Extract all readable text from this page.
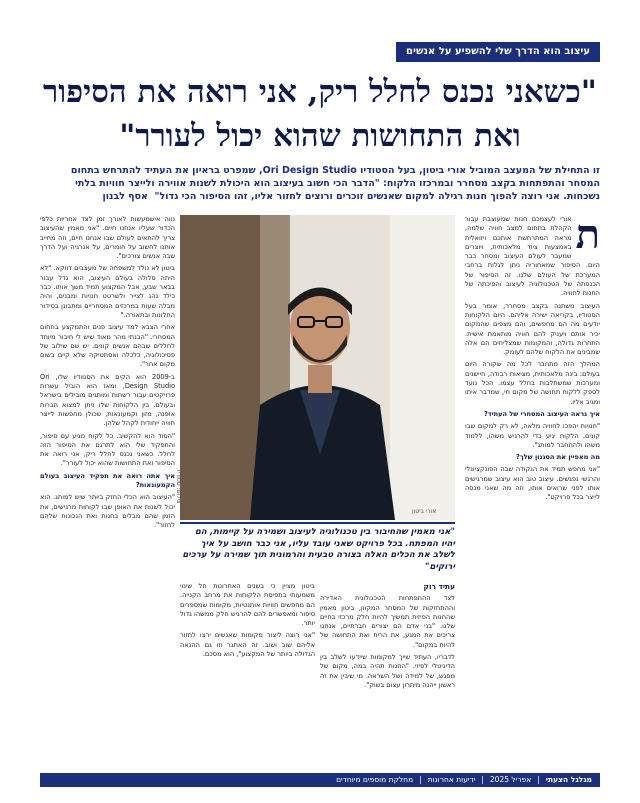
עיצוב הוא הדרך שלי להשפיע על אנשים
"כשאני נכנס לחלל ריק, אני רואה את הסיפור ואת התחושות שהוא יכול לעורר"
זו התחילת של המעצב המוביל אורי ביטון, בעל הסטודיו Ori Design Studio, שמפרט בראיון את העתיד להתרחש בתחום המסחר והתפתחות בקצב מסחרר ובמרכזו הלקוח: "הדבר הכי חשוב בעיצוב הוא היכולת לשנות אווירה ולייצר חוויות בלתי נשכחות. אני רוצה להפוך חנות רגילה למקום שאנשים זוכרים ורוצים לחזור אליו, זהו הסיפור הכי גדול"  אסף לבנון
ת

אורי לעצמכם חנות שמעוצבת עבור הקהלת בתחום למצב חוויה שלמה, מראה המתרחשת אותכם ויזואלית באמצעות ציוד מלאכותית, ויוצרים שמעבר לעולם העיצוב ומסחר כבר היום. הסיפור שמאחוריה ניתן לגלות ברחבי המערכת של העולם שלנו. זה הסיפור של הכנסתה של הטכנולוגיה לעיצוב והפיכתה של החנות לחוויה.

העיצוב משתנה בקצב מסחרר, אומר בעל הסטודיו, בקריאה ישירה אליהם. היום הלקוחות יודעים מה הם מחפשים, והם מצפים שהמקום יכיר אותם ויעניק להם חוויה מותאמת אישית. התחרות גדולה, והמקומות שמצליחים הם אלה שמבינים את הלקוח שלהם לעומק.

המהלך הזה מתחבר לכל מה שקורה היום בעולם: בינה מלאכותית, מציאות רבודה, חיישנים ומערכות שמשתלבות בחלל עצמו. הכל נועד לספק ללקוח תחושה של מקום חי, שמדבר איתו ומגיב אליו.

איך נראה העיצוב המסחרי של העתיד?

"חנויות יהפכו לחוויה מלאה, לא רק למקום שבו קונים. הלקוח יגיע כדי להרגיש משהו, ללמוד משהו ולהתחבר למותג".

מה מאפיין את הסגנון שלך?

"אני מחפש תמיד את הנקודה שבה הפונקציונלי והרגשי נפגשים. עיצוב טוב הוא עיצוב שמרגישים אותו לפני שרואים אותו, וזה מה שאני מנסה לייצר בכל פרויקט".

צילום: סטודיו
אורי ביטון
"אני מאמין שהחיבור בין טכנולוגיה לעיצוב ושמירה על קיימות, הם יהיו המפתח. בכל פרויקט שאני עובד עליו, אני כבר חושב על איך לשלב את הכלים האלה בצורה טבעית והרמונית תוך שמירה על ערכים ירוקים"

עתיד רוק

לצד ההתפתחות הטכנולוגית האדירה וההתחזקות של המסחר המקוון, ביטון מאמין שהחנות הפיזית תמשיך להיות חלק מרכזי בחיים שלנו. "בני אדם הם יצורים חברתיים, אנחנו צריכים את המגע, את הריח ואת התחושה של להיות במקום".

לדבריו, העתיד שייך למקומות שיידעו לשלב בין הדיגיטלי לפיזי. "החנות תהיה במה, מקום של מפגש, של למידה ושל השראה. מי שיבין את זה ראשון ייהנה מיתרון עצום בשוק".

ביטון מציין כי בשנים האחרונות חל שינוי משמעותי בתפיסת הלקוחות את מרחב הקנייה. הם מחפשים חוויות אותנטיות, מקומות שמספרים סיפור ומאפשרים להם להרגיש חלק ממשהו גדול יותר.

"אני רוצה ליצור מקומות שאנשים ירצו לחזור אליהם שוב ושוב. זה האתגר וזו גם ההנאה הגדולה ביותר של המקצוע", הוא מסכם.

נווה אישמעשות לאורך זמן לצד אחריות כלפי הכדור שעליו אנחנו חיים. "אני מאמין שהעיצוב צריך להתאים לעולם שבו אנחנו חיים, וזה מחייב אותנו לחשוב על חומרים, על אנרגיה ועל הדרך שבה אנשים צורכים".

ביטון לא נולד למשפחה של מעצבים דווקא. "לא היתה סלולה בעולם העיצוב, הוא גדל עבור בבאר שבע, אבל המקצוע תמיד משך אותו. כבר כילד נהג לצייר ולשרטט חנויות ומבנים, והיה מבלה שעות במרכזים המסחריים ומתבונן בסידור החלונות ובתאורה."

אחרי הצבא למד עיצוב פנים והתמקצע בתחום המסחרי. "הבנתי מהר מאוד שיש לי חיבור מיוחד לחללים שבהם אנשים קונים. יש שם שילוב של פסיכולוגיה, כלכלה ואסתטיקה שלא קיים בשום מקום אחר".

ב-2009 הוא הקים את הסטודיו שלו, Ori Design Studio, ומאז הוא הוביל עשרות פרויקטים עבור רשתות ומותגים מובילים בישראל ובעולם. בין הלקוחות שלו ניתן למצוא חברות אופנה, מזון וקמעונאות, שכולן מחפשות לייצר חוויה ייחודית לקהל שלהן.

"הסוד הוא להקשיב. כל לקוח מגיע עם סיפור, והתפקיד שלי הוא לתרגם את הסיפור הזה לחלל. כשאני נכנס לחלל ריק, אני רואה את הסיפור ואת התחושות שהוא יכול לעורר".

איך אתה רואה את תפקיד העיצוב בעולם הקמעונאות?

"העיצוב הוא הכלי החזק ביותר שיש למותג. הוא יכול לשנות את האופן שבו לקוחות מרגישים, את הזמן שהם מבלים בחנות ואת הנכונות שלהם לחזור".

מגלגל הצעתי
|
אפריל 2025
|
ידיעות אחרונות
|
מחלקת מוספים מיוחדים
